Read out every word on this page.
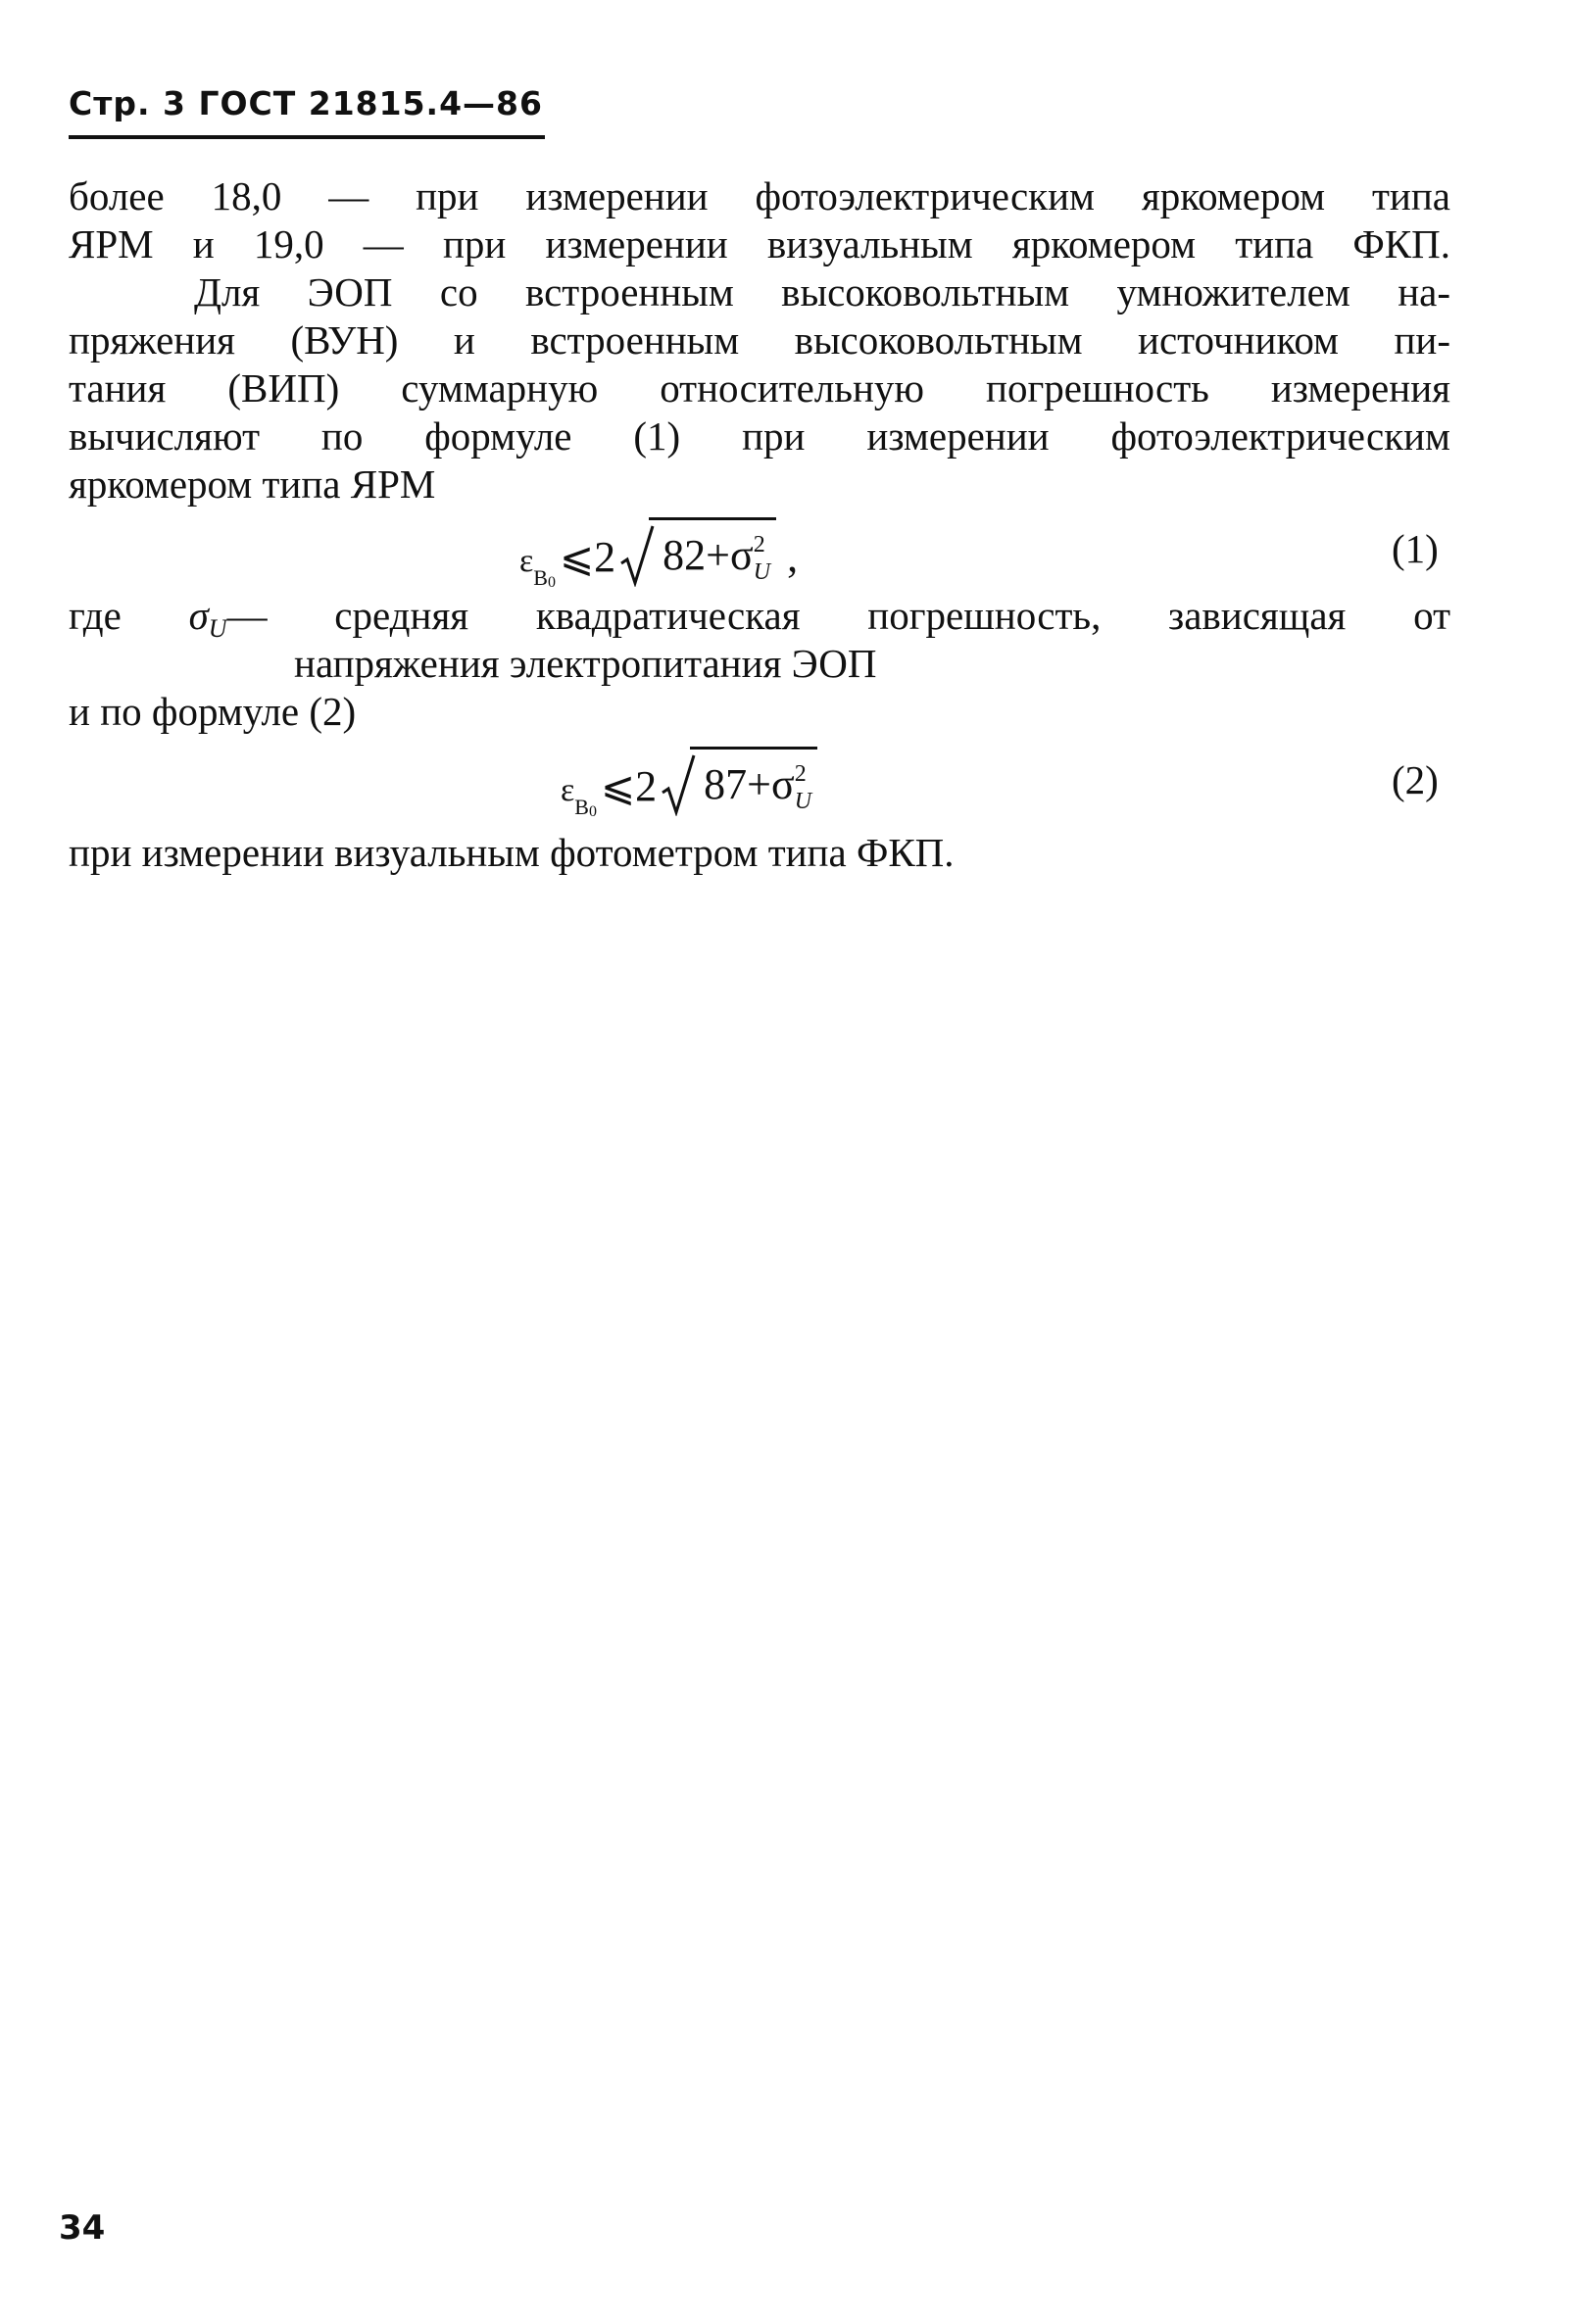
Стр. 3 ГОСТ 21815.4—86
более 18,0 — при измерении фотоэлектрическим яркомером типа
ЯРМ и 19,0 — при измерении визуальным яркомером типа ФКП.
Для ЭОП со встроенным высоковольтным умножителем на-
пряжения (ВУН) и встроенным высоковольтным источником пи-
тания (ВИП) суммарную относительную погрешность измерения
вычисляют по формуле (1) при измерении фотоэлектрическим
яркомером типа ЯРМ
$\varepsilon_{B0}⩽2$ $82+\sigma^2_U$ ,	(1)
где σU— средняя квадратическая погрешность, зависящая от
напряжения электропитания ЭОП
и по формуле (2)
$\varepsilon_{B0}⩽2$ $87+\sigma^2_U$	(2)
при измерении визуальным фотометром типа ФКП.
34
